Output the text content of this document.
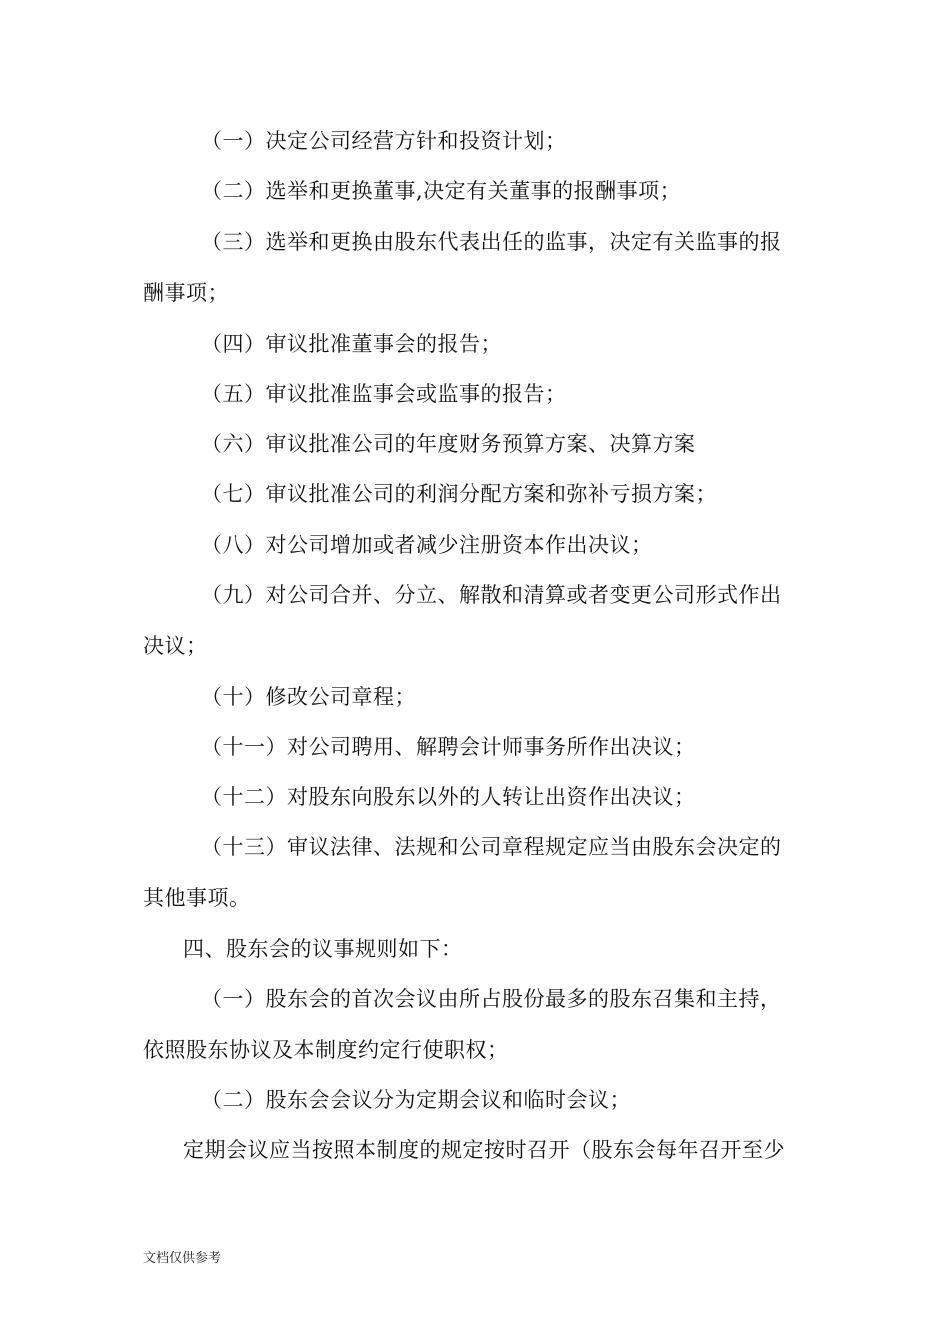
（一）决定公司经营方针和投资计划；
（二）选举和更换董事,决定有关董事的报酬事项；
（三）选举和更换由股东代表出任的监事，决定有关监事的报
酬事项；
（四）审议批准董事会的报告；
（五）审议批准监事会或监事的报告；
（六）审议批准公司的年度财务预算方案、决算方案
（七）审议批准公司的利润分配方案和弥补亏损方案；
（八）对公司增加或者减少注册资本作出决议；
（九）对公司合并、分立、解散和清算或者变更公司形式作出
决议；
（十）修改公司章程；
（十一）对公司聘用、解聘会计师事务所作出决议；
（十二）对股东向股东以外的人转让出资作出决议；
（十三）审议法律、法规和公司章程规定应当由股东会决定的
其他事项。
四、股东会的议事规则如下：
（一）股东会的首次会议由所占股份最多的股东召集和主持，
依照股东协议及本制度约定行使职权；
（二）股东会会议分为定期会议和临时会议；
定期会议应当按照本制度的规定按时召开（股东会每年召开至少
文档仅供参考
